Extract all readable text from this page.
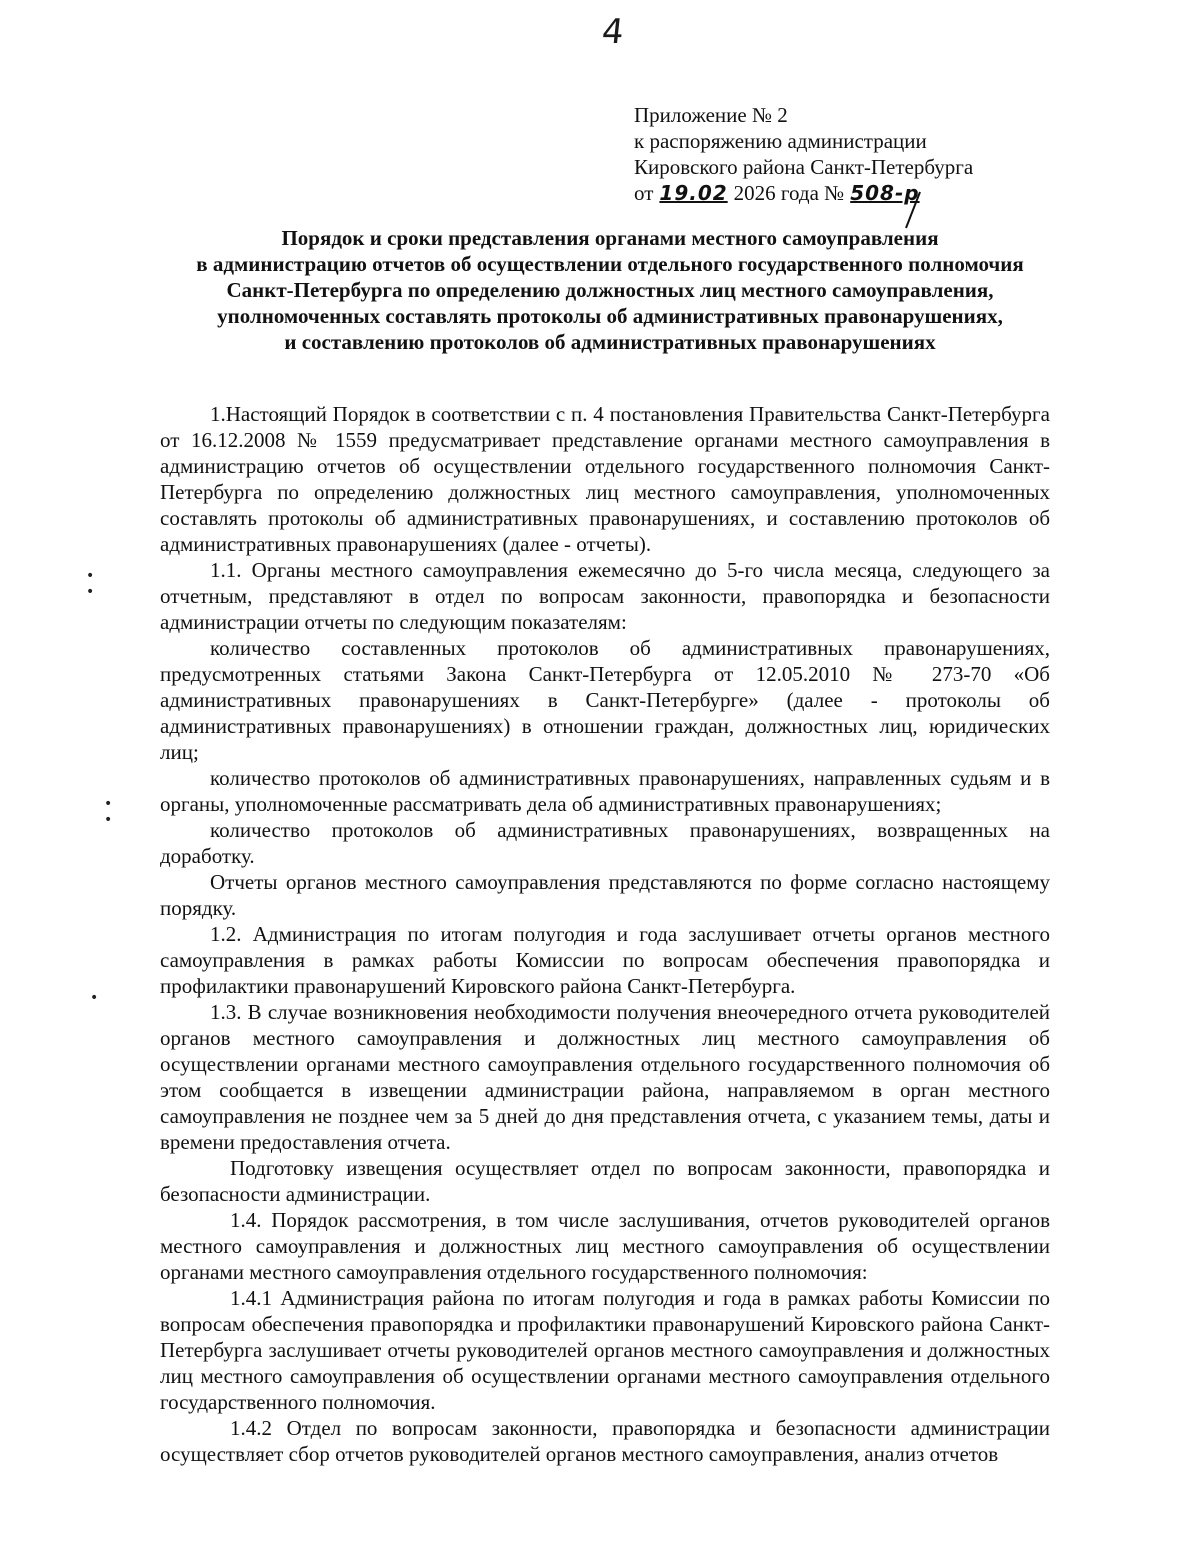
4
Приложение № 2
к распоряжению администрации
Кировского района Санкт-Петербурга
от 19.02 2026 года № 508-р
Порядок и сроки представления органами местного самоуправления
в администрацию отчетов об осуществлении отдельного государственного полномочия
Санкт-Петербурга по определению должностных лиц местного самоуправления,
уполномоченных составлять протоколы об административных правонарушениях,
и составлению протоколов об административных правонарушениях

1.Настоящий Порядок в соответствии с п. 4 постановления Правительства Санкт-Петербурга от 16.12.2008 № 1559 предусматривает представление органами местного самоуправления в администрацию отчетов об осуществлении отдельного государственного полномочия Санкт-Петербурга по определению должностных лиц местного самоуправления, уполномоченных составлять протоколы об административных правонарушениях, и составлению протоколов об административных правонарушениях (далее - отчеты).

1.1. Органы местного самоуправления ежемесячно до 5-го числа месяца, следующего за отчетным, представляют в отдел по вопросам законности, правопорядка и безопасности администрации отчеты по следующим показателям:

количество составленных протоколов об административных правонарушениях, предусмотренных статьями Закона Санкт-Петербурга от 12.05.2010 № 273-70 «Об административных правонарушениях в Санкт-Петербурге» (далее - протоколы об административных правонарушениях) в отношении граждан, должностных лиц, юридических лиц;

количество протоколов об административных правонарушениях, направленных судьям и в органы, уполномоченные рассматривать дела об административных правонарушениях;

количество протоколов об административных правонарушениях, возвращенных на доработку.

Отчеты органов местного самоуправления представляются по форме согласно настоящему порядку.

1.2. Администрация по итогам полугодия и года заслушивает отчеты органов местного самоуправления в рамках работы Комиссии по вопросам обеспечения правопорядка и профилактики правонарушений Кировского района Санкт-Петербурга.

1.3. В случае возникновения необходимости получения внеочередного отчета руководителей органов местного самоуправления и должностных лиц местного самоуправления об осуществлении органами местного самоуправления отдельного государственного полномочия об этом сообщается в извещении администрации района, направляемом в орган местного самоуправления не позднее чем за 5 дней до дня представления отчета, с указанием темы, даты и времени предоставления отчета.

Подготовку извещения осуществляет отдел по вопросам законности, правопорядка и безопасности администрации.

1.4. Порядок рассмотрения, в том числе заслушивания, отчетов руководителей органов местного самоуправления и должностных лиц местного самоуправления об осуществлении органами местного самоуправления отдельного государственного полномочия:

1.4.1 Администрация района по итогам полугодия и года в рамках работы Комиссии по вопросам обеспечения правопорядка и профилактики правонарушений Кировского района Санкт-Петербурга заслушивает отчеты руководителей органов местного самоуправления и должностных лиц местного самоуправления об осуществлении органами местного самоуправления отдельного государственного полномочия.

1.4.2 Отдел по вопросам законности, правопорядка и безопасности администрации осуществляет сбор отчетов руководителей органов местного самоуправления, анализ отчетов

•
•
•
•
•
